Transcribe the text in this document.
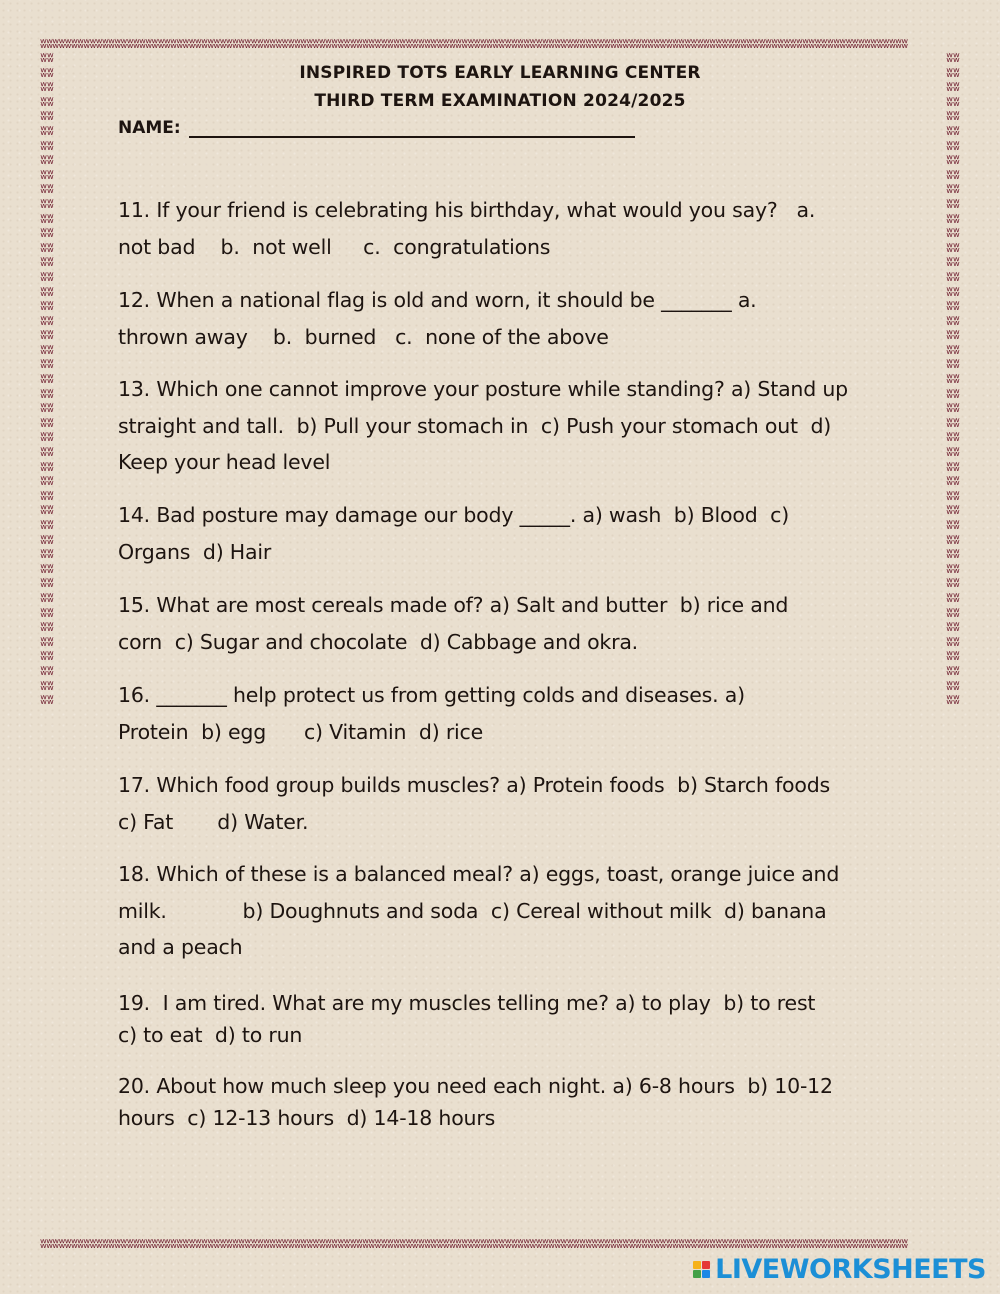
ʬʬʬʬʬʬʬʬʬʬʬʬʬʬʬʬʬʬʬʬʬʬʬʬʬʬʬʬʬʬʬʬʬʬʬʬʬʬʬʬʬʬʬʬʬʬʬʬʬʬʬʬʬʬʬʬʬʬʬʬʬʬʬʬʬʬʬʬʬʬʬʬʬʬʬʬʬʬʬʬʬʬʬʬʬʬʬʬʬʬʬʬʬʬʬʬʬʬʬʬʬʬʬʬʬʬʬʬʬʬʬʬʬʬʬʬʬʬʬʬʬʬʬʬʬʬʬʬʬʬʬʬʬʬʬʬʬʬʬʬ
ʬʬʬʬʬʬʬʬʬʬʬʬʬʬʬʬʬʬʬʬʬʬʬʬʬʬʬʬʬʬʬʬʬʬʬʬʬʬʬʬʬʬʬʬʬʬʬʬʬʬʬʬʬʬʬʬʬʬʬʬʬʬʬʬʬʬʬʬʬʬʬʬʬʬʬʬʬʬʬʬʬʬʬʬʬʬʬʬʬʬʬʬʬʬʬʬʬʬʬʬʬʬʬʬʬʬʬʬʬʬʬʬʬʬʬʬʬʬʬʬʬʬʬʬʬʬʬʬʬʬʬʬʬʬʬʬʬʬʬʬ
ʬʬʬʬʬʬʬʬʬʬʬʬʬʬʬʬʬʬʬʬʬʬʬʬʬʬʬʬʬʬʬʬʬʬʬʬʬʬʬʬʬʬʬʬʬʬʬʬʬʬʬʬʬʬʬʬʬʬʬʬʬʬʬʬʬʬʬʬʬʬʬʬʬʬʬʬʬʬʬʬʬʬʬʬʬʬʬʬʬʬ
ʬʬʬʬʬʬʬʬʬʬʬʬʬʬʬʬʬʬʬʬʬʬʬʬʬʬʬʬʬʬʬʬʬʬʬʬʬʬʬʬʬʬʬʬʬʬʬʬʬʬʬʬʬʬʬʬʬʬʬʬʬʬʬʬʬʬʬʬʬʬʬʬʬʬʬʬʬʬʬʬʬʬʬʬʬʬʬʬʬʬ
INSPIRED TOTS EARLY LEARNING CENTER
THIRD TERM EXAMINATION 2024/2025
NAME:
11. If your friend is celebrating his birthday, what would you say?   a.
not bad    b.  not well     c.  congratulations
12. When a national flag is old and worn, it should be _______ a.
thrown away    b.  burned   c.  none of the above
13. Which one cannot improve your posture while standing? a) Stand up
straight and tall.  b) Pull your stomach in  c) Push your stomach out  d)
Keep your head level
14. Bad posture may damage our body _____. a) wash  b) Blood  c)
Organs  d) Hair
15. What are most cereals made of? a) Salt and butter  b) rice and
corn  c) Sugar and chocolate  d) Cabbage and okra.
16. _______ help protect us from getting colds and diseases. a)
Protein  b) egg      c) Vitamin  d) rice
17. Which food group builds muscles? a) Protein foods  b) Starch foods
c) Fat       d) Water.
18. Which of these is a balanced meal? a) eggs, toast, orange juice and
milk.            b) Doughnuts and soda  c) Cereal without milk  d) banana
and a peach
19.  I am tired. What are my muscles telling me? a) to play  b) to rest
c) to eat  d) to run
20. About how much sleep you need each night. a) 6-8 hours  b) 10-12
hours  c) 12-13 hours  d) 14-18 hours
LIVEWORKSHEETS
